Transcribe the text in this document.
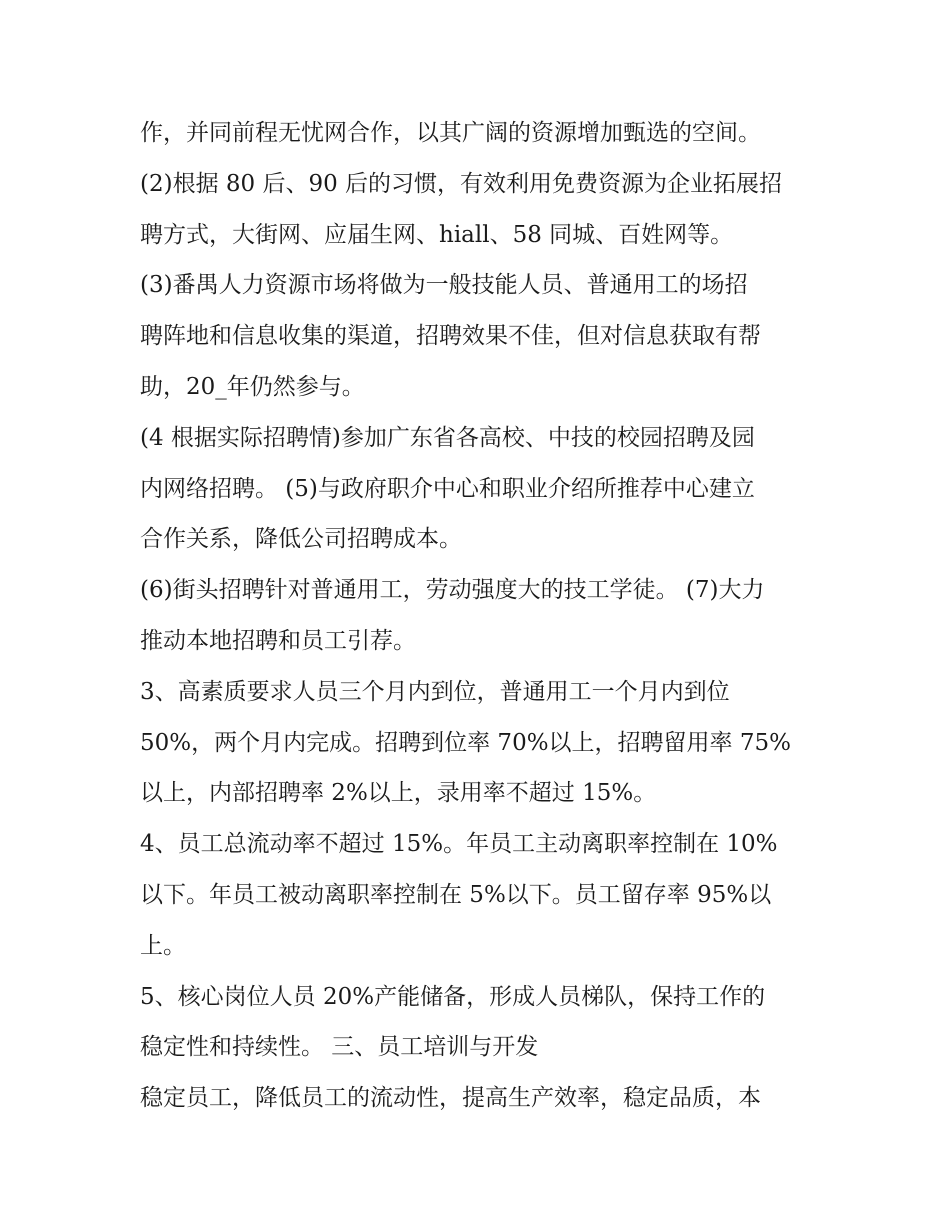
作，并同前程无忧网合作，以其广阔的资源增加甄选的空间。
(2)根据 80 后、90 后的习惯，有效利用免费资源为企业拓展招
聘方式，大街网、应届生网、hiall、58 同城、百姓网等。
(3)番禺人力资源市场将做为一般技能人员、普通用工的场招
聘阵地和信息收集的渠道，招聘效果不佳，但对信息获取有帮
助，20_年仍然参与。
(4 根据实际招聘情)参加广东省各高校、中技的校园招聘及园
内网络招聘。 (5)与政府职介中心和职业介绍所推荐中心建立
合作关系，降低公司招聘成本。
(6)街头招聘针对普通用工，劳动强度大的技工学徒。 (7)大力
推动本地招聘和员工引荐。
3、高素质要求人员三个月内到位，普通用工一个月内到位
50%，两个月内完成。招聘到位率 70%以上，招聘留用率 75%
以上，内部招聘率 2%以上，录用率不超过 15%。
4、员工总流动率不超过 15%。年员工主动离职率控制在 10%
以下。年员工被动离职率控制在 5%以下。员工留存率 95%以
上。
5、核心岗位人员 20%产能储备，形成人员梯队，保持工作的
稳定性和持续性。 三、员工培训与开发
稳定员工，降低员工的流动性，提高生产效率，稳定品质，本
